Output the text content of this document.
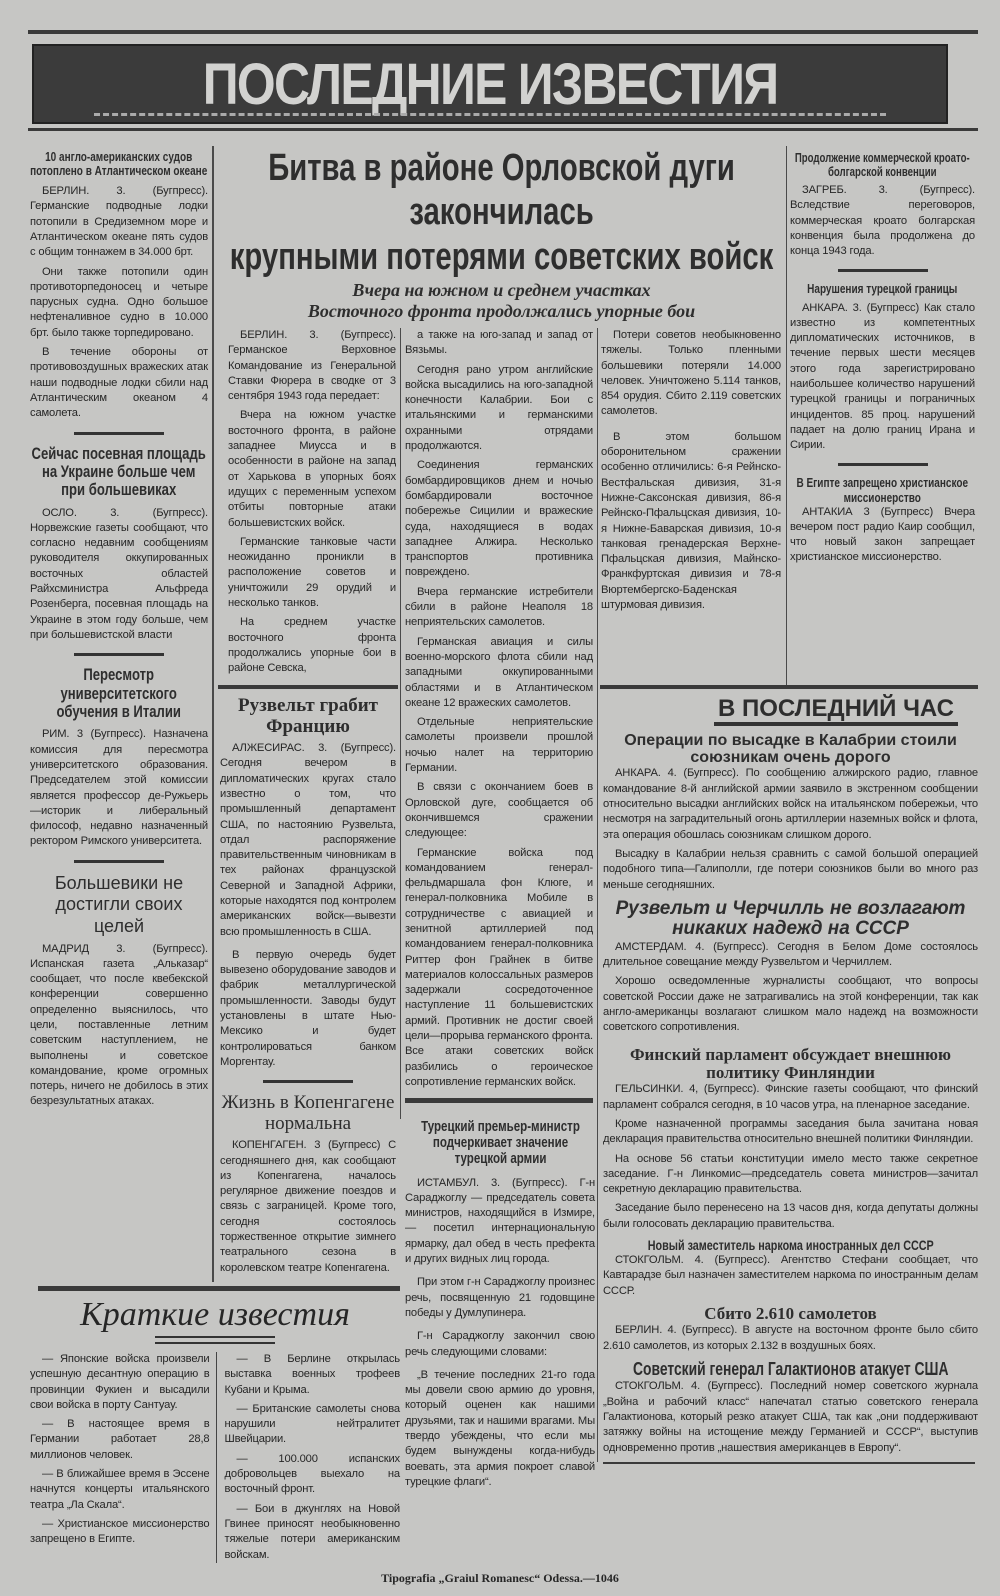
ПОСЛЕДНИЕ ИЗВЕСТИЯ
10 англо-американских судов потоплено в Атлантическом океане

БЕРЛИН. 3. (Бугпресс). Германские подводные лодки потопили в Средиземном море и Атлантическом океане пять судов с общим тоннажем в 34.000 брт.

Они также потопили один противоторпедоносец и четыре парусных судна. Одно большое нефтеналивное судно в 10.000 брт. было также торпедировано.

В течение обороны от противовоздушных вражеских атак наши подводные лодки сбили над Атлантическим океаном 4 самолета.

Сейчас посевная площадь на Украине больше чем при большевиках

ОСЛО. 3. (Бугпресс). Норвежские газеты сообщают, что согласно недавним сообщениям руководителя оккупированных восточных областей Райхсминистра Альфреда Розенберга, посевная площадь на Украине в этом году больше, чем при большевистской власти

Пересмотр университетского обучения в Италии

РИМ. 3 (Бугпресс). Назначена комиссия для пересмотра университетского образования. Председателем этой комиссии является профессор де-Ружьерь—историк и либеральный философ, недавно назначенный ректором Римского университета.

Большевики не достигли своих целей

МАДРИД 3. (Бугпресс). Испанская газета „Альказар“ сообщает, что после квебекской конференции совершенно определенно выяснилось, что цели, поставленные летним советским наступлением, не выполнены и советское командование, кроме огромных потерь, ничего не добилось в этих безрезультатных атаках.

Битва в районе Орловской дуги закончилась
крупными потерями советских войск
Вчера на южном и среднем участках
Восточного фронта продолжались упорные бои

БЕРЛИН. 3. (Бугпресс). Германское Верховное Командование из Генеральной Ставки Фюрера в сводке от 3 сентября 1943 года передает:

Вчера на южном участке восточного фронта, в районе западнее Миусса и в особенности в районе на запад от Харькова в упорных боях идущих с переменным успехом отбиты повторные атаки большевистских войск.

Германские танковые части неожиданно проникли в расположение советов и уничтожили 29 орудий и несколько танков.

На среднем участке восточного фронта продолжались упорные бои в районе Севска,

а также на юго-запад и запад от Вязьмы.

Сегодня рано утром английские войска высадились на юго-западной конечности Калабрии. Бои с итальянскими и германскими охранными отрядами продолжаются.

Соединения германских бомбардировщиков днем и ночью бомбардировали восточное побережье Сицилии и вражеские суда, находящиеся в водах западнее Алжира. Несколько транспортов противника повреждено.

Вчера германские истребители сбили в районе Неаполя 18 неприятельских самолетов.

Германская авиация и силы военно-морского флота сбили над западными оккупированными областями и в Атлантическом океане 12 вражеских самолетов.

Отдельные неприятельские самолеты произвели прошлой ночью налет на территорию Германии.

В связи с окончанием боев в Орловской дуге, сообщается об окончившемся сражении следующее:

Германские войска под командованием генерал-фельдмаршала фон Клюге, и генерал-полковника Мобиле в сотрудничестве с авиацией и зенитной артиллерией под командованием генерал-полковника Риттер фон Грайнек в битве материалов колоссальных размеров задержали сосредоточенное наступление 11 большевистских армий. Противник не достиг своей цели—прорыва германского фронта. Все атаки советских войск разбились о героическое сопротивление германских войск.

Потери советов необыкновенно тяжелы. Только пленными большевики потеряли 14.000 человек. Уничтожено 5.114 танков, 854 орудия. Сбито 2.119 советских самолетов.

В этом большом оборонительном сражении особенно отличились: 6-я Рейнско-Вестфальская дивизия, 31-я Нижне-Саксонская дивизия, 86-я Рейнско-Пфальцская дивизия, 10-я Нижне-Баварская дивизия, 10-я танковая гренадерская Верхне-Пфальцская дивизия, Майнско-Франкфуртская дивизия и 78-я Вюртембергско-Баденская штурмовая дивизия.

Продолжение коммерческой кроато-болгарской конвенции

ЗАГРЕБ. 3. (Бугпресс). Вследствие переговоров, коммерческая кроато болгарская конвенция была продолжена до конца 1943 года.

Нарушения турецкой границы

АНКАРА. 3. (Бугпресс) Как стало известно из компетентных дипломатических источников, в течение первых шести месяцев этого года зарегистрировано наибольшее количество нарушений турецкой границы и пограничных инцидентов. 85 проц. нарушений падает на долю границ Ирана и Сирии.

В Египте запрещено христианское миссионерство

АНТАКИА 3 (Бугпресс) Вчера вечером пост радио Каир сообщил, что новый закон запрещает христианское миссионерство.

Рузвельт грабит Францию

АЛЖЕСИРАС. 3. (Бугпресс). Сегодня вечером в дипломатических кругах стало известно о том, что промышленный департамент США, по настоянию Рузвельта, отдал распоряжение правительственным чиновникам в тех районах французской Северной и Западной Африки, которые находятся под контролем американских войск—вывезти всю промышленность в США.

В первую очередь будет вывезено оборудование заводов и фабрик металлургической промышленности. Заводы будут установлены в штате Нью-Мексико и будет контролироваться банком Моргентау.

Жизнь в Копенгагене нормальна

КОПЕНГАГЕН. 3 (Бугпресс) С сегодняшнего дня, как сообщают из Копенгагена, началось регулярное движение поездов и связь с заграницей. Кроме того, сегодня состоялось торжественное открытие зимнего театрального сезона в королевском театре Копенгагена.

Турецкий премьер-министр подчеркивает значение турецкой армии

ИСТАМБУЛ. 3. (Бугпресс). Г-н Сараджоглу — председатель совета министров, находящийся в Измире,— посетил интернациональную ярмарку, дал обед в честь префекта и других видных лиц города.

При этом г-н Сараджоглу произнес речь, посвященную 21 годовщине победы у Думлупинера.

Г-н Сараджоглу закончил свою речь следующими словами:

„В течение последних 21-го года мы довели свою армию до уровня, который оценен как нашими друзьями, так и нашими врагами. Мы твердо убеждены, что если мы будем вынуждены когда-нибудь воевать, эта армия покроет славой турецкие флаги“.

В ПОСЛЕДНИЙ ЧАС
Операции по высадке в Калабрии стоили союзникам очень дорого

АНКАРА. 4. (Бугпресс). По сообщению алжирского радио, главное командование 8-й английской армии заявило в экстренном сообщении относительно высадки английских войск на итальянском побережьи, что несмотря на заградительный огонь артиллерии наземных войск и флота, эта операция обошлась союзникам слишком дорого.

Высадку в Калабрии нельзя сравнить с самой большой операцией подобного типа—Галиполли, где потери союзников были во много раз меньше сегодняшних.

Рузвельт и Черчилль не возлагают никаких надежд на СССР

АМСТЕРДАМ. 4. (Бугпресс). Сегодня в Белом Доме состоялось длительное совещание между Рузвельтом и Черчиллем.

Хорошо осведомленные журналисты сообщают, что вопросы советской России даже не затрагивались на этой конференции, так как англо-американцы возлагают слишком мало надежд на возможности советского сопротивления.

Финский парламент обсуждает внешнюю политику Финляндии

ГЕЛЬСИНКИ. 4, (Бугпресс). Финские газеты сообщают, что финский парламент собрался сегодня, в 10 часов утра, на пленарное заседание.

Кроме назначенной программы заседания была зачитана новая декларация правительства относительно внешней политики Финляндии.

На основе 56 статьи конституции имело место также секретное заседание. Г-н Линкомис—председатель совета министров—зачитал секретную декларацию правительства.

Заседание было перенесено на 13 часов дня, когда депутаты должны были голосовать декларацию правительства.

Новый заместитель наркома иностранных дел СССР

СТОКГОЛЬМ. 4. (Бугпресс). Агентство Стефани сообщает, что Кавтарадзе был назначен заместителем наркома по иностранным делам СССР.

Сбито 2.610 самолетов

БЕРЛИН. 4. (Бугпресс). В августе на восточном фронте было сбито 2.610 самолетов, из которых 2.132 в воздушных боях.

Советский генерал Галактионов атакует США

СТОКГОЛЬМ. 4. (Бугпресс). Последний номер советского журнала „Война и рабочий класс“ напечатал статью советского генерала Галактионова, который резко атакует США, так как „они поддерживают затяжку войны на истощение между Германией и СССР“, выступив одновременно против „нашествия американцев в Европу“.

Краткие известия

— Японские войска произвели успешную десантную операцию в провинции Фукиен и высадили свои войска в порту Сантуау.

— В настоящее время в Германии работает 28,8 миллионов человек.

— В ближайшее время в Эссене начнутся концерты итальянского театра „Ла Скала“.

— Христианское миссионерство запрещено в Египте.

— В Берлине открылась выставка военных трофеев Кубани и Крыма.

— Британские самолеты снова нарушили нейтралитет Швейцарии.

— 100.000 испанских добровольцев выехало на восточный фронт.

— Бои в джунглях на Новой Гвинее приносят необыкновенно тяжелые потери американским войскам.

Tipografia „Graiul Romanesc“ Odessa.—1046
